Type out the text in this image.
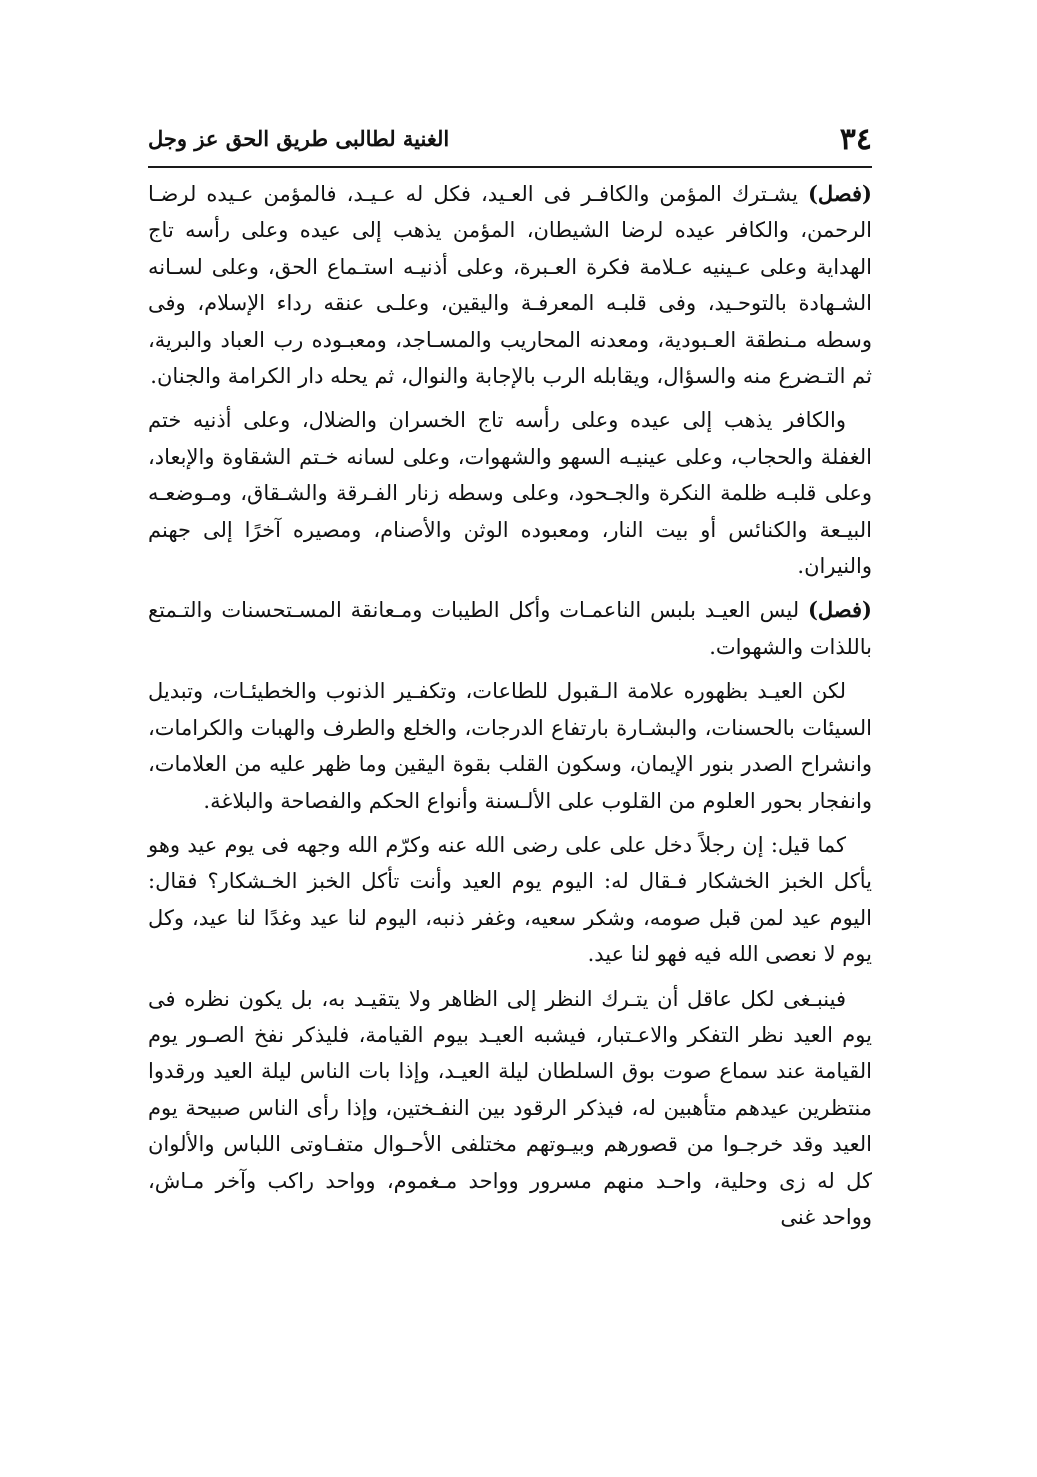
٣٤
الغنية لطالبى طريق الحق عز وجل

(فصل) يشـترك المؤمن والكافـر فى العـيد، فكل له عـيـد، فالمؤمن عـيده لرضـا الرحمن، والكافر عيده لرضا الشيطان، المؤمن يذهب إلى عيده وعلى رأسه تاج الهداية وعلى عـينيه عـلامة فكرة العـبرة، وعلى أذنيـه استـماع الحق، وعلى لسـانه الشـهادة بالتوحـيد، وفى قلبـه المعرفـة واليقين، وعلـى عنقه رداء الإسلام، وفى وسطه مـنطقة العـبودية، ومعدنه المحاريب والمسـاجد، ومعبـوده رب العباد والبرية، ثم التـضرع منه والسؤال، ويقابله الرب بالإجابة والنوال، ثم يحله دار الكرامة والجنان.

والكافر يذهب إلى عيده وعلى رأسه تاج الخسران والضلال، وعلى أذنيه ختم الغفلة والحجاب، وعلى عينيـه السهو والشهوات، وعلى لسانه خـتم الشقاوة والإبعاد، وعلى قلبـه ظلمة النكرة والجـحود، وعلى وسطه زنار الفـرقة والشـقاق، ومـوضعـه البيـعة والكنائس أو بيت النار، ومعبوده الوثن والأصنام، ومصيره آخرًا إلى جهنم والنيران.

(فصل) ليس العيـد بلبس الناعمـات وأكل الطيبات ومـعانقة المسـتحسنات والتـمتع باللذات والشهوات.

لكن العيـد بظهوره علامة الـقبول للطاعات، وتكفـير الذنوب والخطيئـات، وتبديل السيئات بالحسنات، والبشـارة بارتفاع الدرجات، والخلع والطرف والهبات والكرامات، وانشراح الصدر بنور الإيمان، وسكون القلب بقوة اليقين وما ظهر عليه من العلامات، وانفجار بحور العلوم من القلوب على الألـسنة وأنواع الحكم والفصاحة والبلاغة.

كما قيل: إن رجلاً دخل على على رضى الله عنه وكرّم الله وجهه فى يوم عيد وهو يأكل الخبز الخشكار فـقال له: اليوم يوم العيد وأنت تأكل الخبز الخـشكار؟ فقال: اليوم عيد لمن قبل صومه، وشكر سعيه، وغفر ذنبه، اليوم لنا عيد وغدًا لنا عيد، وكل يوم لا نعصى الله فيه فهو لنا عيد.

فينبـغى لكل عاقل أن يتـرك النظر إلى الظاهر ولا يتقيـد به، بل يكون نظره فى يوم العيد نظر التفكر والاعـتبار، فيشبه العيـد بيوم القيامة، فليذكر نفخ الصـور يوم القيامة عند سماع صوت بوق السلطان ليلة العيـد، وإذا بات الناس ليلة العيد ورقدوا منتظرين عيدهم متأهبين له، فيذكر الرقود بين النفـختين، وإذا رأى الناس صبيحة يوم العيد وقد خرجـوا من قصورهم وبيـوتهم مختلفى الأحـوال متفـاوتى اللباس والألوان كل له زى وحلية، واحـد منهم مسرور وواحد مـغموم، وواحد راكب وآخر مـاش، وواحد غنى
